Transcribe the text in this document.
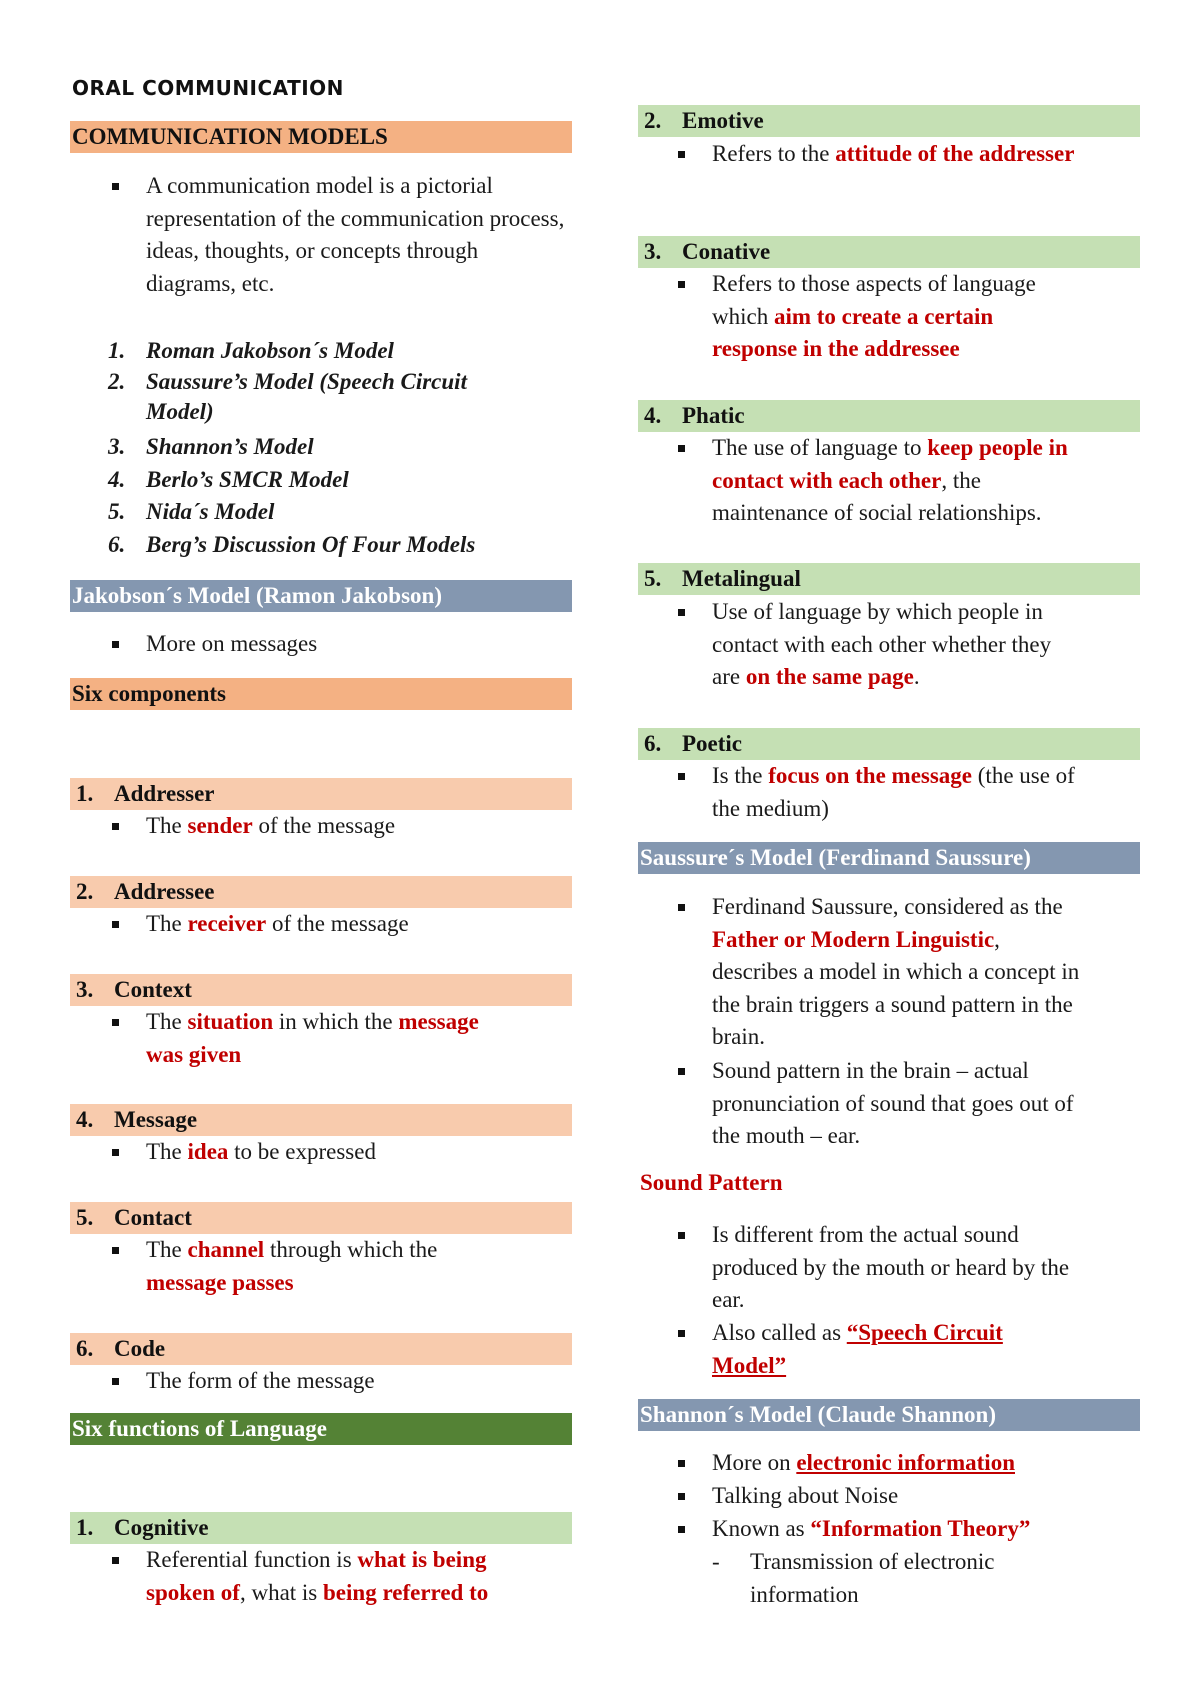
ORAL COMMUNICATION
COMMUNICATION MODELS
A communication model is a pictorial representation of the communication process, ideas, thoughts, or concepts through diagrams, etc.
1. Roman Jakobson´s Model
2. Saussure’s Model (Speech Circuit Model)
3. Shannon’s Model
4. Berlo’s SMCR Model
5. Nida´s Model
6. Berg’s Discussion Of Four Models
Jakobson´s Model (Ramon Jakobson)
More on messages
Six components
1. Addresser
The sender of the message
2. Addressee
The receiver of the message
3. Context
The situation in which the message
was given
4. Message
The idea to be expressed
5. Contact
The channel through which the
message passes
6. Code
The form of the message
Six functions of Language
1. Cognitive
Referential function is what is being
spoken of, what is being referred to
2. Emotive
Refers to the attitude of the addresser
3. Conative
Refers to those aspects of language
which aim to create a certain
response in the addressee
4. Phatic
The use of language to keep people in
contact with each other, the
maintenance of social relationships.
5. Metalingual
Use of language by which people in
contact with each other whether they
are on the same page.
6. Poetic
Is the focus on the message (the use of
the medium)
Saussure´s Model (Ferdinand Saussure)
Ferdinand Saussure, considered as the
Father or Modern Linguistic,
describes a model in which a concept in
the brain triggers a sound pattern in the
brain.
Sound pattern in the brain – actual
pronunciation of sound that goes out of
the mouth – ear.
Sound Pattern
Is different from the actual sound
produced by the mouth or heard by the
ear.
Also called as “Speech Circuit
Model”
Shannon´s Model (Claude Shannon)
More on electronic information
Talking about Noise
Known as “Information Theory”
-	Transmission of electronic
information
